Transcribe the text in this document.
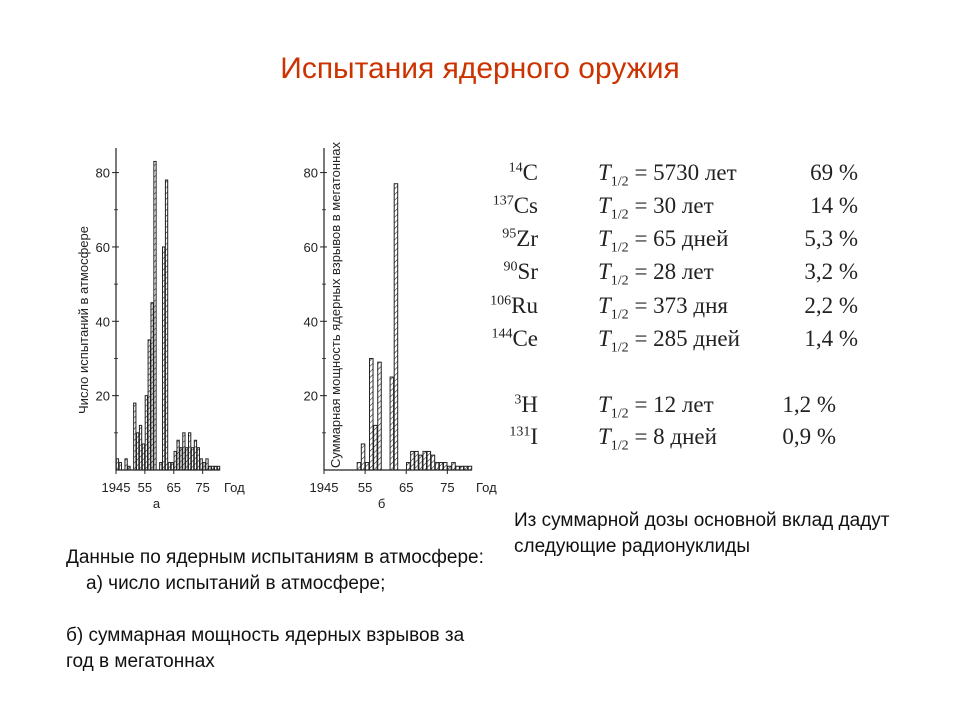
Испытания ядерного оружия
20
40
60
80
1945 55 65 75 Год
а
Число испытаний в атмосфере	20
40
60
80
1945 55 65 75 Год
б
Суммарная мощность ядерных взрывов в мегатоннах	$^{14}$C	$T_{1/2} = 5730$ лет	69 %
$^{137}$Cs	$T_{1/2} = 30$ лет	14 %
$^{95}$Zr	$T_{1/2} = 65$ дней	5,3 %
$^{90}$Sr	$T_{1/2} = 28$ лет	3,2 %
$^{106}$Ru	$T_{1/2} = 373$ дня	2,2 %
$^{144}$Ce	$T_{1/2} = 285$ дней	1,4 %
$^3$H	$T_{1/2} = 12$ лет	1,2 %
$^{131}$I	$T_{1/2} = 8$ дней	0,9 %
Из суммарной дозы основной вклад дадут следующие радионуклиды
Данные по ядерным испытаниям в атмосфере:
а) число испытаний в атмосфере;
б) суммарная мощность ядерных взрывов за год в мегатоннах
